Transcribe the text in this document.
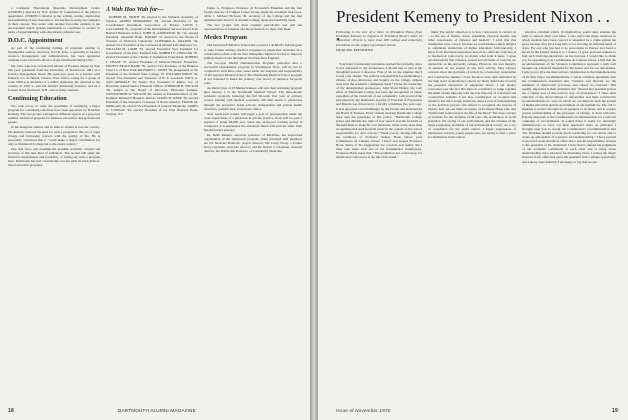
a Computer Educational Materials Development Center (CEMDEC) directed by Prof. Arthur W. Luehrmann of the physics department. CEMDEC's mission is the writing, testing, duplication and publishing of new materials to aid teachers in using the computer in their courses. The center adds another favorable element to the environment which enables Dartmouth to contribute to society in terms of experimenting with educational computer use.

D.O.C. Appointment

As part of the continuing buildup of programs relating to Dartmouth's outdoor resources, Earl R. Jette, a specialist in forestry resource management and administration, has been appointed assistant to the executive director of the Dartmouth Outing Club.

Mr. Jette, who was awarded his Master of Forestry degree by Yale this year, graduated from the University of Vermont in 1961 as a forestry management major. He spent two years as a forester with Pinnacle Co. in Harbel, Liberia, West Africa, caring for a group of some 2500-acre divisions of a rubber plantation. He returned to the country in 1963 to join his family's lumbering business, and as a forester in the Northeast, N.H., and as Army veterans.

Continuing Education

Two task forces to study the possibility of instituting a major program for continuing education have been appointed by President Kemeny. The two groups will explore different aspects of a proposed summer sabbatical program for business executives and professional people.

In his inaugural address and in talks to alumni across the country, Mr. Kemeny stressed the need for such a program in this era of rapid change and increasing concern with the quality of life. He is personally convinced that it "could make a major contribution not only to Dartmouth College but to the entire country."

One task force will examine the possible academic content and structure of this new kind of sabbatical. The second will study the financial requirements and feasibility of setting up such a program here. Dartmouth has had considerable success with its Tuck School-based executive programs.

A Wah Hoo Wah for—

ROBERT M. SMITH '26, elected to the National Academy of Science. ALDEN MERRIMAN '28, elected President of the Consolidated Investment Corporation of Boston. LOUIS J. CALLAWAY '31, recipient of the Distinguished Service Award from Harvard Business School. JOHN N. ANDERSON JR. '32, elected President, Shawmut Bank. HARRIS '33 elected to the Board of Trustees of Wesleyan University. CLIFFORD A. WALKER '34, elected Vice President of the Connecticut Mutual Life Insurance Co. WILLIAM H. LAMB '35, elected Executive Vice President for Investments of the New England Life. ROBERT F. CHELLAR '35, elected President of the Charles T. Kemmerer Foundation. ROBERT J. CHASE '37, elected President of Western Historic Properties. ERNEST BEAUCHAMP '39, elected Vice President of the Bankers Trust Co. of New York. RICHARD C. JONES '39, inaugurated as 7th President of the Vermont State College. W. WILLARD WIRTZ '34, elected Vice President and Treasurer of B. F. Goodrich. PAUL A. VAN ARSDALE '36, Senior Vice President of Amfac, Inc. of Honolulu, named Senior Financial Officer. WINDSOR H. WILSON '38, named to the Board of Directors, Hawaiian Airlines. WENTWORTH W. WILSON '40, named as President-Select of Mt. Kemmer Memorial Hospital, Denver. JAMES W. KERR '39, elected President of the Insurance Company of North America. FRANK M. MORGAN '40, elected Vice President of General Telephone. JAMES G. CONWAY '43, elected President of the First National Bank, Trenton, N.J.

James G. Ferguson, Professor of Economics Emeritus and the first faculty director of Campus Center Group, heads the academic task force, while J. Michael McGean '49, secretary of the College and the first administrative director of Alumni College, heads the feasibility study.

The two groups will meet together periodically and will ask representatives of business and the professions to meet with them.

Medex Program

The Dartmouth Medical School has received a $168,455 federal grant to train former military medical corpsmen as physicians' assistants in a collaborative effort with the New Hampshire Medical Society to improve primary medical care throughout Northern New England.

The two-year Medex Demonstration Program, patterned after a successful experimental program in Washington State, will be run in conjunction with three other states under the auspices and responsibility of the regional Medical School. The Dartmouth Medical School program is not intended to make the primary care doctor or intrusive for-profit roles.

An initial class of 25 Medex trainees will start their retraining program next January 1 at the Dartmouth Medical School. The three-month academic program, featuring the full 96-week first year of primary service training with medical corpsmen, will then return to physicians through the program's home schools, independent and private health educators, pediatricians, and private clinics.

Next April each trainee will begin a year of preceptorship under the close supervision of a physician in private practice. Each will be paid a stipend of about $6,000 and, when the on-the-job training period is completed, it is anticipated the assistant's future will earn the same from his physician's practice.

Dr. Bella Reisner, associate professor of Medicine, has supervised organization of the Dartmouth program. Other principal staff members are Dr. Nicholas Danforth, project director; Mr. Casey Ploog, a former Navy corpsman, associate director; and Dr. Robert J. Chapman, research director, the Dartmouth Professor of Community Medicine.

18	DARTMOUTH ALUMNI MAGAZINE
President Kemeny to President Nixon . . .

Following is the text of a letter to President Nixon from President Kemeny in response to President Nixon's letter of September 18 sent to more than 900 college and university presidents on the subject of campus unrest:

DEAR MR. PRESIDENT:

Your letter to university presidents reached me belatedly, since it was addressed to my predecessor. I should like to give it the thoughtful answer it deserves. First of all, let me stipulate that I accept your charge: "the primary responsibility for maintaining a climate of free discussion and inquiry on the college campus rests with the academic community itself." Under the leadership of my distinguished predecessor, John Sloan Dickey, the total effort of Dartmouth College has been the recognition of ideas, regardless of the viewpoint of our community. I am proud of the part played by my institution. A policy of Freedom of Expression and Dissent was drawn up by a faculty committee five years ago. It was approved overwhelmingly by the faculty and endorsed by the Board of Trustees. Every student entering Dartmouth College must sign the principles of this policy: "Dartmouth College prizes and defends the right of free speech and the freedom of the individual to make his own decisions, while at the same time recognizing that such freedom exists in the context of law and of responsibility for one's actions." Thank you for sharing with me the testimony of Professor Sidney Hook before your Commission on Campus Unrest. I know and respect Professor Hook. Many of his suggestions are concrete and useful. Yet I must take issue with one of his fundamental assumptions. Professor Hook states that: "The problem is not controversy, for intellectual controversy is the life of the mind."

mind. The public objection is to how controversy is carried on—to the use of bombs, arson, vandalism, physical assault, and other expressions of violence and turmoil." I wish that this assumption were correct, because we would make a much simpler to administer institutions of higher education. Unfortunately, I know from first-hand experience that all too often the objection is to intellectual controversy, no matter what form it takes. I agree wholeheartedly that violence, assault and all forms of coercion are intolerable on the university campus. However, the vast majority of students do not engage in any such activity. They express concern about the problems of society in a dedicated, responsible and constructive manner. I have therefore been quite disturbed by the high level of intolerance shown by many Americans towards the peaceful expression of unpopular views. I am greatly concerned over the fact that there is a tendency to lump together the small violent minority with the vast majority of concerned and constructive students. I see how complicated on occasion this tendency has led to tragic situations, since a lack of understanding of the political process and refusal to recognize the lessons of history. And yet one must recognize, as Professor Hook said, that "intellectual controversy is the life of the mind." The deep concern of students for the abolition of all wars, the eradication of racial prejudice, the saving of our environment, and the solution of the many perplexing problems of our technological society are a cry of conscience for the entire nation. I regret expressions of intolerance towards young people who are trying to find a place for themselves in the nation.

structive criticism which, by implication, would deny students the right to express their own ideas. I also regret the many instances in which students have been coerced or assaulted for a crime against the peace because they have long hair, or for favoring an informal mode of dress. For one who has had to be persecution in Europe and found a haven in the United States it is a matter of great personal sadness to find such irrational intolerance on the increase. I would like to thank you for appointing your Commission on Campus Unrest. I find that the recommendations of the Scranton Commission represent a truly well thought-out, balanced blueprint for the nation and for our universities. I urge you to give the most serious consideration to the implementation of all their major recommendations. I am in complete agreement with the Commission's statement that "violence and disorder are the antithesis of democratic processes and cannot be tolerated." But equally important is their statement that "dissent and peaceful protest are a valued part of this nation's way of governance." I share their criticism of the shortcomings of universities and their constructive recommendations for ways in which we can improve both the system of higher education and the government of our institutions. The call to students to protect the right of all speakers to be heard, and to acquire greater understanding of the processes of change, is most welcome. Equally important is the Commission's recommendation for a national campaign of reconciliation. It would make it easier for university administrators to carry out their appointed tasks. In particular I strongly urge you to accept the Commission's recommendation that "the President should provide moral leadership for our nation and to create an atmosphere of tolerance and understanding." I have learned in my brief seven months in office that a special responsibility belongs to the president of the institution. I have had to defend the judgments of our academic community to each other and to bring about understanding and a tolerance for dissenting views. I realize the magic invested in the office that gives the president both a unique opportunity and a heavy responsibility. I am happy to say that we are.

Issue of November 1970	19
